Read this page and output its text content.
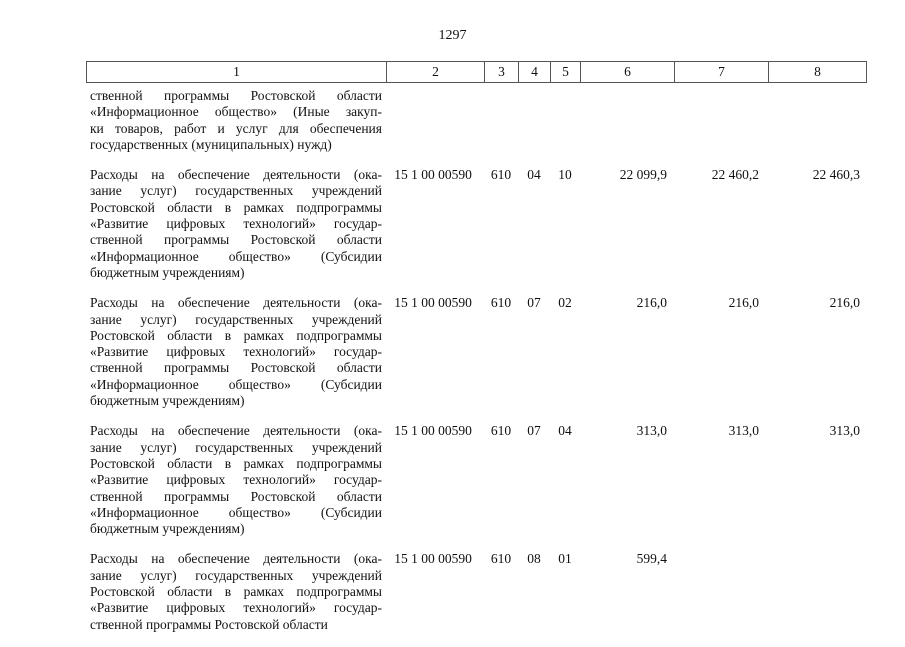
1297
1	2	3	4	5	6	7	8
ственной программы Ростовской области
«Информационное общество» (Иные закуп-
ки товаров, работ и услуг для обеспечения
государственных (муниципальных) нужд)
Расходы на обеспечение деятельности (ока-
зание услуг) государственных учреждений
Ростовской области в рамках подпрограммы
«Развитие цифровых технологий» государ-
ственной программы Ростовской области
«Информационное общество» (Субсидии
бюджетным учреждениям)
15 1 00 00590	610	04	10	22 099,9	22 460,2	22 460,3
Расходы на обеспечение деятельности (ока-
зание услуг) государственных учреждений
Ростовской области в рамках подпрограммы
«Развитие цифровых технологий» государ-
ственной программы Ростовской области
«Информационное общество» (Субсидии
бюджетным учреждениям)
15 1 00 00590	610	07	02	216,0	216,0	216,0
Расходы на обеспечение деятельности (ока-
зание услуг) государственных учреждений
Ростовской области в рамках подпрограммы
«Развитие цифровых технологий» государ-
ственной программы Ростовской области
«Информационное общество» (Субсидии
бюджетным учреждениям)
15 1 00 00590	610	07	04	313,0	313,0	313,0
Расходы на обеспечение деятельности (ока-
зание услуг) государственных учреждений
Ростовской области в рамках подпрограммы
«Развитие цифровых технологий» государ-
ственной программы Ростовской области
15 1 00 00590	610	08	01	599,4
